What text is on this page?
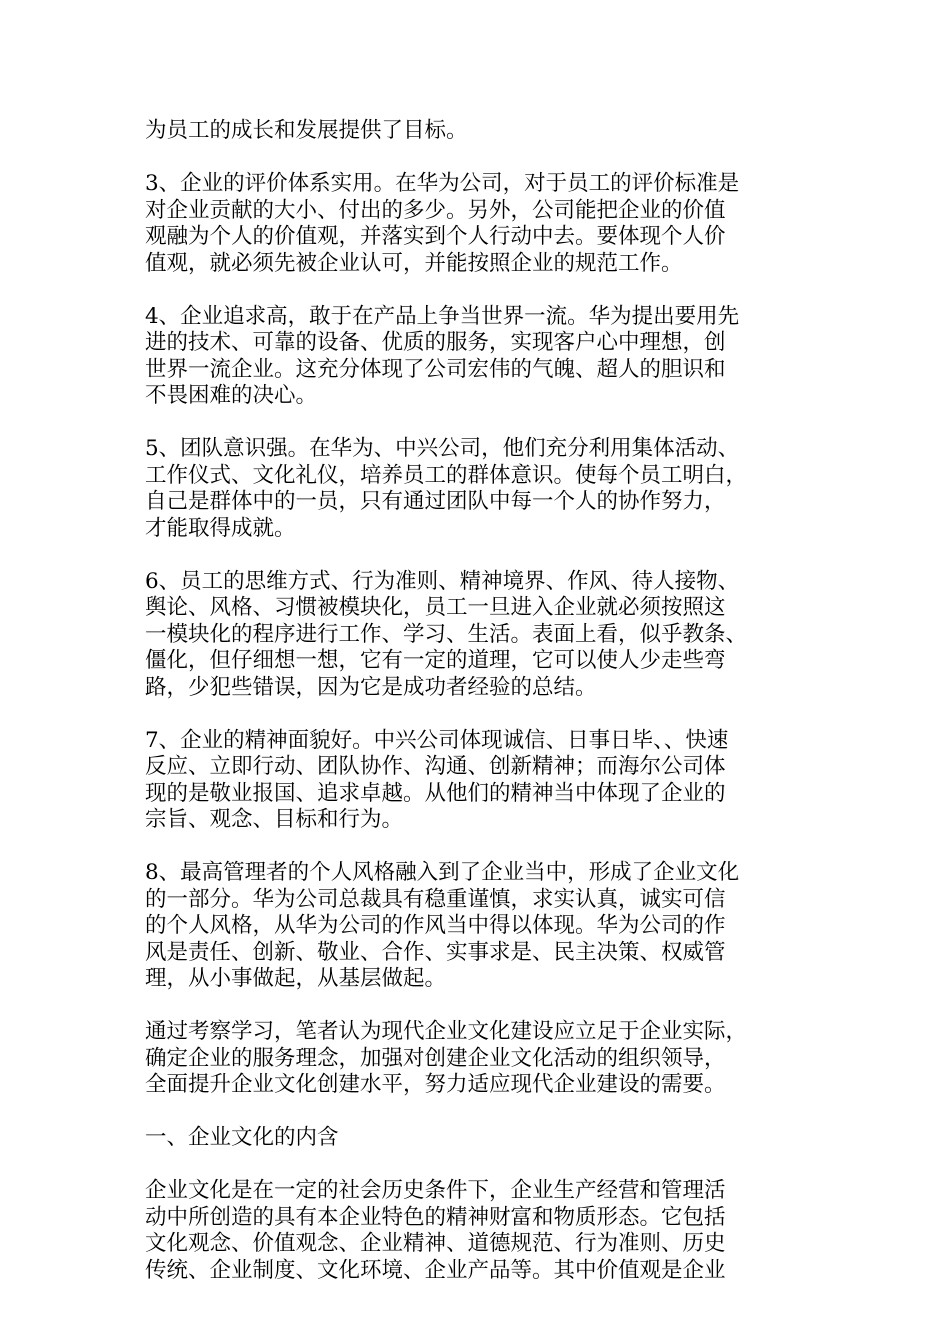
为员工的成长和发展提供了目标。
3、企业的评价体系实用。在华为公司，对于员工的评价标准是
对企业贡献的大小、付出的多少。另外，公司能把企业的价值
观融为个人的价值观，并落实到个人行动中去。要体现个人价
值观，就必须先被企业认可，并能按照企业的规范工作。
4、企业追求高，敢于在产品上争当世界一流。华为提出要用先
进的技术、可靠的设备、优质的服务，实现客户心中理想，创
世界一流企业。这充分体现了公司宏伟的气魄、超人的胆识和
不畏困难的决心。
5、团队意识强。在华为、中兴公司，他们充分利用集体活动、
工作仪式、文化礼仪，培养员工的群体意识。使每个员工明白，
自己是群体中的一员，只有通过团队中每一个人的协作努力，
才能取得成就。
6、员工的思维方式、行为准则、精神境界、作风、待人接物、
舆论、风格、习惯被模块化，员工一旦进入企业就必须按照这
一模块化的程序进行工作、学习、生活。表面上看，似乎教条、
僵化，但仔细想一想，它有一定的道理，它可以使人少走些弯
路，少犯些错误，因为它是成功者经验的总结。
7、企业的精神面貌好。中兴公司体现诚信、日事日毕、、快速
反应、立即行动、团队协作、沟通、创新精神；而海尔公司体
现的是敬业报国、追求卓越。从他们的精神当中体现了企业的
宗旨、观念、目标和行为。
8、最高管理者的个人风格融入到了企业当中，形成了企业文化
的一部分。华为公司总裁具有稳重谨慎，求实认真，诚实可信
的个人风格，从华为公司的作风当中得以体现。华为公司的作
风是责任、创新、敬业、合作、实事求是、民主决策、权威管
理，从小事做起，从基层做起。
通过考察学习，笔者认为现代企业文化建设应立足于企业实际，
确定企业的服务理念，加强对创建企业文化活动的组织领导，
全面提升企业文化创建水平，努力适应现代企业建设的需要。
一、企业文化的内含
企业文化是在一定的社会历史条件下，企业生产经营和管理活
动中所创造的具有本企业特色的精神财富和物质形态。它包括
文化观念、价值观念、企业精神、道德规范、行为准则、历史
传统、企业制度、文化环境、企业产品等。其中价值观是企业
